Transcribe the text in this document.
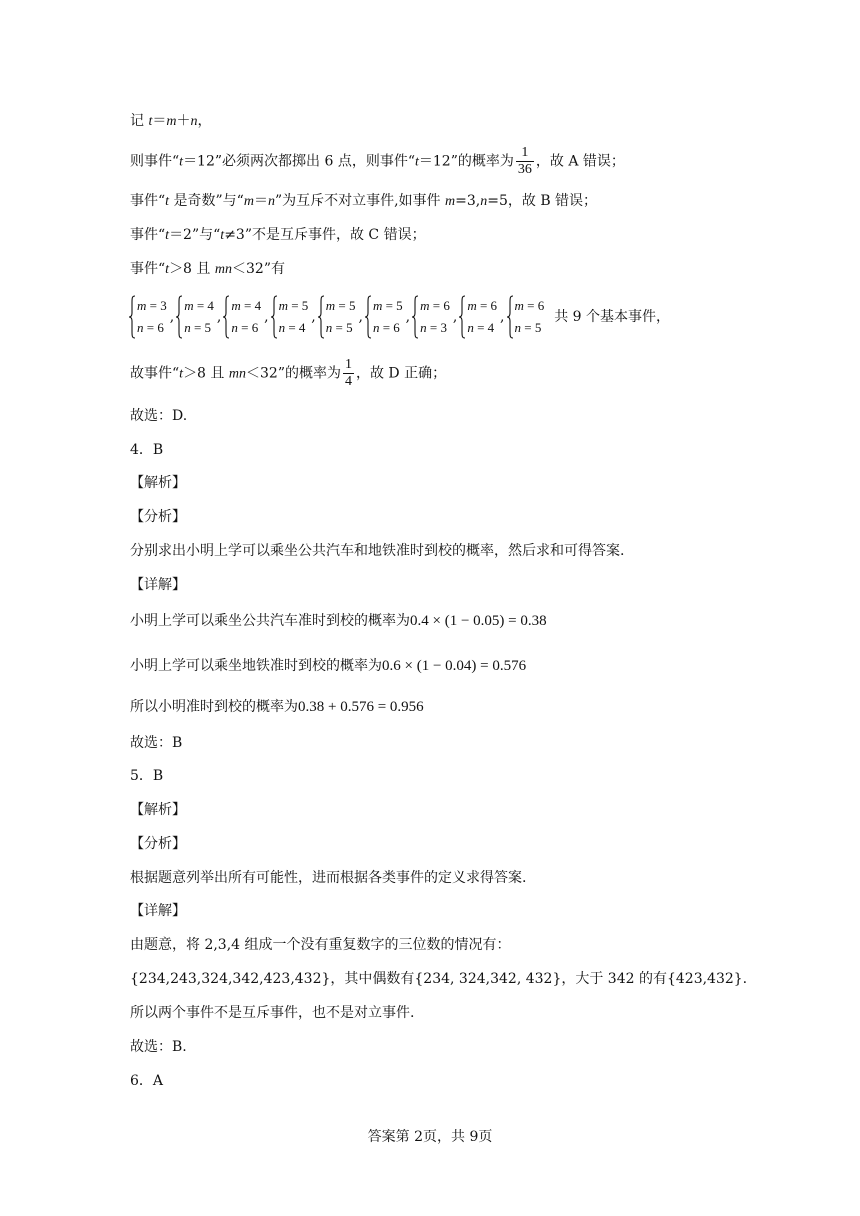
记 t＝m＋n，
则事件“t＝12”必须两次都掷出 6 点，则事件“t＝12”的概率为 $\frac{1}{36}$ ，故 A 错误；
事件“t 是奇数”与“m＝n”为互斥不对立事件,如事件 m=3,n=5，故 B 错误；
事件“t＝2”与“t≠3”不是互斥事件，故 C 错误；
事件“t＞8 且 mn＜32”有
m = 3
n = 6
,
m = 4
n = 5
,
m = 4
n = 6
,
m = 5
n = 4
,
m = 5
n = 5
,
m = 5
n = 6
,
m = 6
n = 3
,
m = 6
n = 4
,
m = 6
n = 5
共 9 个基本事件，
故事件“t＞8 且 mn＜32”的概率为 $\frac{1}{4}$ ，故 D 正确；
故选：D.
4．B
【解析】
【分析】
分别求出小明上学可以乘坐公共汽车和地铁准时到校的概率，然后求和可得答案.
【详解】
小明上学可以乘坐公共汽车准时到校的概率为0.4 × (1 − 0.05) = 0.38
小明上学可以乘坐地铁准时到校的概率为0.6 × (1 − 0.04) = 0.576
所以小明准时到校的概率为0.38 + 0.576 = 0.956
故选：B
5．B
【解析】
【分析】
根据题意列举出所有可能性，进而根据各类事件的定义求得答案.
【详解】
由题意，将 2,3,4 组成一个没有重复数字的三位数的情况有：
{234,243,324,342,423,432}，其中偶数有{234, 324,342, 432}，大于 342 的有{423,432}.
所以两个事件不是互斥事件，也不是对立事件.
故选：B.
6．A
答案第 2页，共 9页
